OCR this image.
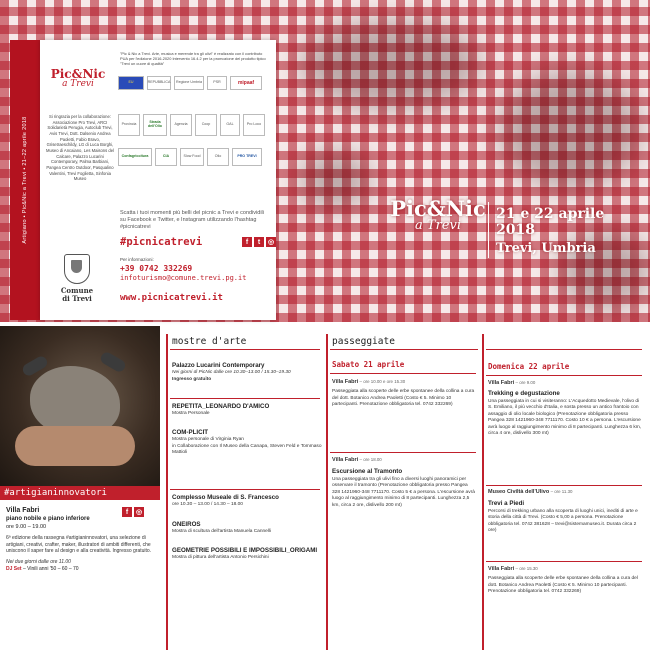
Artigiano • Pic&Nic a Trevi • 21–22 aprile 2018
Pic&Nic
a Trevi
Si ringrazia per la collaborazione: Associazione Pro Trevi, ARCI Solidarietà Perugia, Autoclub Trevi, Avis Trevi, Dott. Dalsenio Andrea Paoletti, Fabio Bravo, Grisetraeschildy, LG di Luca Borghi, Museo di Ancaiano, Les Maisons del Calcare, Palazzo Lucarini Contemporary, Palma Barbiani, Pangea Centro Outdoor, Pasqualino Valentini, Trevi Foglietta, Sinfonia Museo
Comune
di Trevi
"Pic & Nic a Trevi. Arte, musica e merende tra gli ulivi" è realizzato con il contributo PUA per l'edizione 2016-2020 Intervento 16.4.2 per la promozione del prodotto tipico "Trevi un cuore di qualità"
EU	REPUBBLICA	Regione Umbria	PSR	mipaaf
Provincia	Strada dell'Olio	Agenzia	Coop	GAL	Pro Loco
Confagricoltura	CIA	Slow Food	Olio	PRO TREVI
Scatta i tuoi momenti più belli del picnic a Trevi e condividili su Facebook e Twitter, e Instagram utilizzando l'hashtag #picnicatrevi
#picnicatrevi	f	t	◎
Per informazioni:
+39 0742 332269
infoturismo@comune.trevi.pg.it
www.picnicatrevi.it
Pic&Nic
a Trevi
21 e 22 aprile
2018
Trevi, Umbria
#artigianinnovatori
f	◎
Villa Fabri
piano nobile e piano inferiore
ore 9.00 – 19.00
6ª edizione della rassegna #artigianinnovatori, una selezione di artigiani, creativi, crafter, maker, illustratori di ambiti differenti, che uniscono il saper fare al design e alla creatività. Ingresso gratuito.
Nei due giorni dalle ore 11.00
DJ Set – Vinili anni '50 – 60 – 70
mostre d'arte
Palazzo Lucarini Contemporary
Nei giorni di PicNic dalle ore 10.30–13.00 / 15.30–19.30
Ingresso gratuito
REPETITA_LEONARDO D'AMICO
Mostra Personale
COM-PLICIT
Mostra personale di Virginia Ryan
in Collaborazione con Il Museo della Canapa, Steven Feld e Tommaso Mattioli
Complesso Museale di S. Francesco
ore 10.30 – 13.00 / 14.30 – 18.00
ONEIROS
Mostra di scultura dell'artista Manuela Cannelli
GEOMETRIE POSSIBILI E IMPOSSIBILI_ORIGAMI
Mostra di pittura dell'artista Antonio Persichini
passeggiate
Sabato 21 aprile
Villa Fabri – ore 10.00 e ore 15.30
Passeggiata alla scoperte delle erbe spontanee della collina a cura del dott. Botanico Andrea Paoletti (Costo € 5. Minimo 10 partecipanti. Prenotazione obbligatoria tel. 0742 332269)
Villa Fabri – ore 18.00
Escursione al Tramonto
Una passeggiata tra gli ulivi fino a diversi luoghi panoramici per osservare il tramonto (Prenotazione obbligatoria presso Pangea 328 1421960-348 7711170. Costo 5 € a persona. L'escursione avrà luogo al raggiungimento minimo di 8 partecipanti. Lunghezza 2,5 km, circa 2 ore, dislivello 200 mt)
Domenica 22 aprile
Villa Fabri – ore 9.00
Trekking e degustazione
Una passeggiata in cui si visiteranno: L'Acquedotto Medievale, l'olivo di S. Emiliano, il più vecchio d'Italia, e sosta presso un antico frantoio con assaggio di olio locale biologico (Prenotazione obbligatoria presso Pangea 328 1421960-348 7711170. Costo 10 € a persona. L'escursione avrà luogo al raggiungimento minimo di 8 partecipanti. Lunghezza 6 km, circa 4 ore, dislivello 300 mt)
Museo Civiltà dell'Ulivo – ore 11.30
Trevi a Piedi
Percorsi di trekking urbano alla scoperta di luoghi unici, inediti di arte e storia della città di Trevi. (Costo € 5,00 a persona. Prenotazione obbligatoria tel. 0742 381628 – trevi@sistemamuseo.it. Durata circa 2 ore)
Villa Fabri – ore 15.30
Passeggiata alla scoperte delle erbe spontanee della collina a cura del dott. Botanico Andrea Paoletti (Costo € 5. Minimo 10 partecipanti. Prenotazione obbligatoria tel. 0742 332269)
